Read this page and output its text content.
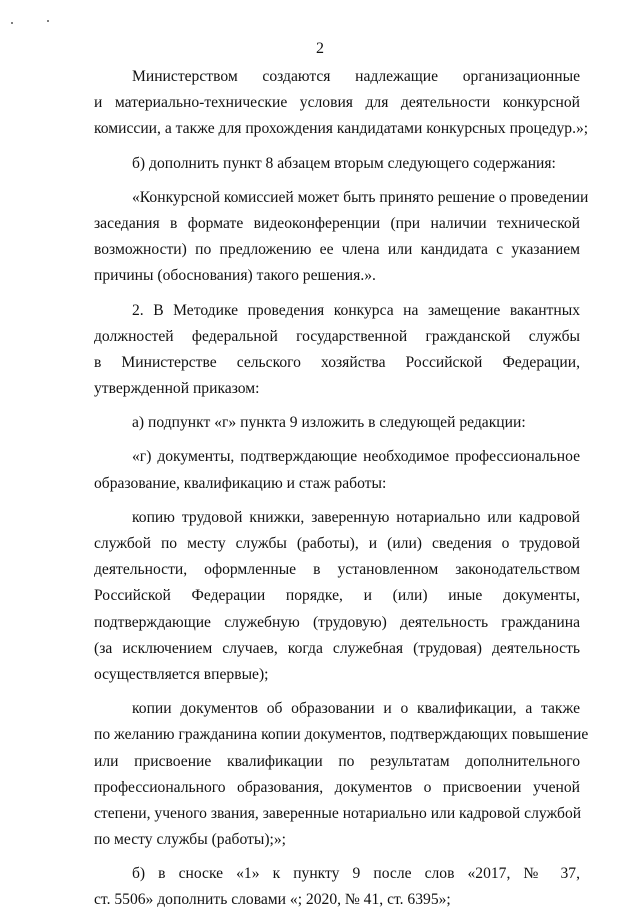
2
Министерством создаются надлежащие организационные
и материально-технические условия для деятельности конкурсной
комиссии, а также для прохождения кандидатами конкурсных процедур.»;
б) дополнить пункт 8 абзацем вторым следующего содержания:
«Конкурсной комиссией может быть принято решение о проведении
заседания в формате видеоконференции (при наличии технической
возможности) по предложению ее члена или кандидата с указанием
причины (обоснования) такого решения.».
2. В Методике проведения конкурса на замещение вакантных
должностей федеральной государственной гражданской службы
в Министерстве сельского хозяйства Российской Федерации,
утвержденной приказом:
а) подпункт «г» пункта 9 изложить в следующей редакции:
«г) документы, подтверждающие необходимое профессиональное
образование, квалификацию и стаж работы:
копию трудовой книжки, заверенную нотариально или кадровой
службой по месту службы (работы), и (или) сведения о трудовой
деятельности, оформленные в установленном законодательством
Российской Федерации порядке, и (или) иные документы,
подтверждающие служебную (трудовую) деятельность гражданина
(за исключением случаев, когда служебная (трудовая) деятельность
осуществляется впервые);
копии документов об образовании и о квалификации, а также
по желанию гражданина копии документов, подтверждающих повышение
или присвоение квалификации по результатам дополнительного
профессионального образования, документов о присвоении ученой
степени, ученого звания, заверенные нотариально или кадровой службой
по месту службы (работы);»;
б) в сноске «1» к пункту 9 после слов «2017, № 37,
ст. 5506» дополнить словами «; 2020, № 41, ст. 6395»;
